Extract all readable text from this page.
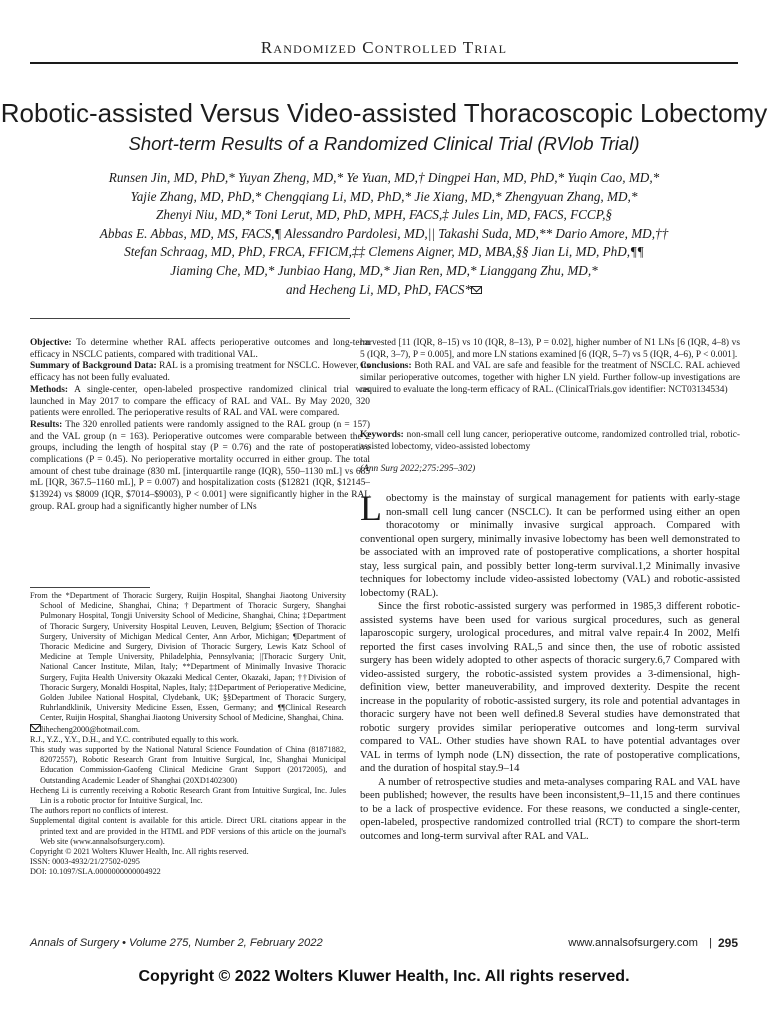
Randomized Controlled Trial
Robotic-assisted Versus Video-assisted Thoracoscopic Lobectomy
Short-term Results of a Randomized Clinical Trial (RVlob Trial)
Runsen Jin, MD, PhD,* Yuyan Zheng, MD,* Ye Yuan, MD,† Dingpei Han, MD, PhD,* Yuqin Cao, MD,*
Yajie Zhang, MD, PhD,* Chengqiang Li, MD, PhD,* Jie Xiang, MD,* Zhengyuan Zhang, MD,*
Zhenyi Niu, MD,* Toni Lerut, MD, PhD, MPH, FACS,‡ Jules Lin, MD, FACS, FCCP,§
Abbas E. Abbas, MD, MS, FACS,¶ Alessandro Pardolesi, MD,|| Takashi Suda, MD,** Dario Amore, MD,††
Stefan Schraag, MD, PhD, FRCA, FFICM,‡‡ Clemens Aigner, MD, MBA,§§ Jian Li, MD, PhD,¶¶
Jiaming Che, MD,* Junbiao Hang, MD,* Jian Ren, MD,* Lianggang Zhu, MD,*
and Hecheng Li, MD, PhD, FACS*

Objective: To determine whether RAL affects perioperative outcomes and long-term efficacy in NSCLC patients, compared with traditional VAL.

Summary of Background Data: RAL is a promising treatment for NSCLC. However, its efficacy has not been fully evaluated.

Methods: A single-center, open-labeled prospective randomized clinical trial was launched in May 2017 to compare the efficacy of RAL and VAL. By May 2020, 320 patients were enrolled. The perioperative results of RAL and VAL were compared.

Results: The 320 enrolled patients were randomly assigned to the RAL group (n = 157) and the VAL group (n = 163). Perioperative outcomes were comparable between the 2 groups, including the length of hospital stay (P = 0.76) and the rate of postoperative complications (P = 0.45). No perioperative mortality occurred in either group. The total amount of chest tube drainage (830 mL [interquartile range (IQR), 550–1130 mL] vs 685 mL [IQR, 367.5–1160 mL], P = 0.007) and hospitalization costs ($12821 (IQR, $12145–$13924) vs $8009 (IQR, $7014–$9003), P < 0.001] were significantly higher in the RAL group. RAL group had a significantly higher number of LNs

harvested [11 (IQR, 8–15) vs 10 (IQR, 8–13), P = 0.02], higher number of N1 LNs [6 (IQR, 4–8) vs 5 (IQR, 3–7), P = 0.005], and more LN stations examined [6 (IQR, 5–7) vs 5 (IQR, 4–6), P < 0.001].

Conclusions: Both RAL and VAL are safe and feasible for the treatment of NSCLC. RAL achieved similar perioperative outcomes, together with higher LN yield. Further follow-up investigations are required to evaluate the long-term efficacy of RAL. (ClinicalTrials.gov identifier: NCT03134534)

Keywords: non-small cell lung cancer, perioperative outcome, randomized controlled trial, robotic-assisted lobectomy, video-assisted lobectomy
(Ann Surg 2022;275:295–302)

Lobectomy is the mainstay of surgical management for patients with early-stage non-small cell lung cancer (NSCLC). It can be performed using either an open thoracotomy or minimally invasive surgical approach. Compared with conventional open surgery, minimally invasive lobectomy has been well demonstrated to be associated with an improved rate of postoperative complications, a shorter hospital stay, less surgical pain, and possibly better long-term survival.1,2 Minimally invasive techniques for lobectomy include video-assisted lobectomy (VAL) and robotic-assisted lobectomy (RAL).

Since the first robotic-assisted surgery was performed in 1985,3 different robotic-assisted systems have been used for various surgical procedures, such as general laparoscopic surgery, urological procedures, and mitral valve repair.4 In 2002, Melfi reported the first cases involving RAL,5 and since then, the use of robotic assisted surgery has been widely adopted to other aspects of thoracic surgery.6,7 Compared with video-assisted surgery, the robotic-assisted system provides a 3-dimensional, high-definition view, better maneuverability, and improved dexterity. Despite the recent increase in the popularity of robotic-assisted surgery, its role and potential advantages in thoracic surgery have not been well defined.8 Several studies have demonstrated that robotic surgery provides similar perioperative outcomes and long-term survival compared to VAL. Other studies have shown RAL to have potential advantages over VAL in terms of lymph node (LN) dissection, the rate of postoperative complications, and the duration of hospital stay.9–14

A number of retrospective studies and meta-analyses comparing RAL and VAL have been published; however, the results have been inconsistent,9–11,15 and there continues to be a lack of prospective evidence. For these reasons, we conducted a single-center, open-labeled, prospective randomized controlled trial (RCT) to compare the short-term outcomes and long-term survival after RAL and VAL.

From the *Department of Thoracic Surgery, Ruijin Hospital, Shanghai Jiaotong University School of Medicine, Shanghai, China; †Department of Thoracic Surgery, Shanghai Pulmonary Hospital, Tongji University School of Medicine, Shanghai, China; ‡Department of Thoracic Surgery, University Hospital Leuven, Leuven, Belgium; §Section of Thoracic Surgery, University of Michigan Medical Center, Ann Arbor, Michigan; ¶Department of Thoracic Medicine and Surgery, Division of Thoracic Surgery, Lewis Katz School of Medicine at Temple University, Philadelphia, Pennsylvania; ||Thoracic Surgery Unit, National Cancer Institute, Milan, Italy; **Department of Minimally Invasive Thoracic Surgery, Fujita Health University Okazaki Medical Center, Okazaki, Japan; ††Division of Thoracic Surgery, Monaldi Hospital, Naples, Italy; ‡‡Department of Perioperative Medicine, Golden Jubilee National Hospital, Clydebank, UK; §§Department of Thoracic Surgery, Ruhrlandklinik, University Medicine Essen, Essen, Germany; and ¶¶Clinical Research Center, Ruijin Hospital, Shanghai Jiaotong University School of Medicine, Shanghai, China.

lihecheng2000@hotmail.com.

R.J., Y.Z., Y.Y., D.H., and Y.C. contributed equally to this work.

This study was supported by the National Natural Science Foundation of China (81871882, 82072557), Robotic Research Grant from Intuitive Surgical, Inc, Shanghai Municipal Education Commission-Gaofeng Clinical Medicine Grant Support (20172005), and Outstanding Academic Leader of Shanghai (20XD1402300)

Hecheng Li is currently receiving a Robotic Research Grant from Intuitive Surgical, Inc. Jules Lin is a robotic proctor for Intuitive Surgical, Inc.

The authors report no conflicts of interest.

Supplemental digital content is available for this article. Direct URL citations appear in the printed text and are provided in the HTML and PDF versions of this article on the journal's Web site (www.annalsofsurgery.com).

Copyright © 2021 Wolters Kluwer Health, Inc. All rights reserved.

ISSN: 0003-4932/21/27502-0295

DOI: 10.1097/SLA.0000000000004922

Annals of Surgery • Volume 275, Number 2, February 2022	www.annalsofsurgery.com | 295
Copyright © 2022 Wolters Kluwer Health, Inc. All rights reserved.
